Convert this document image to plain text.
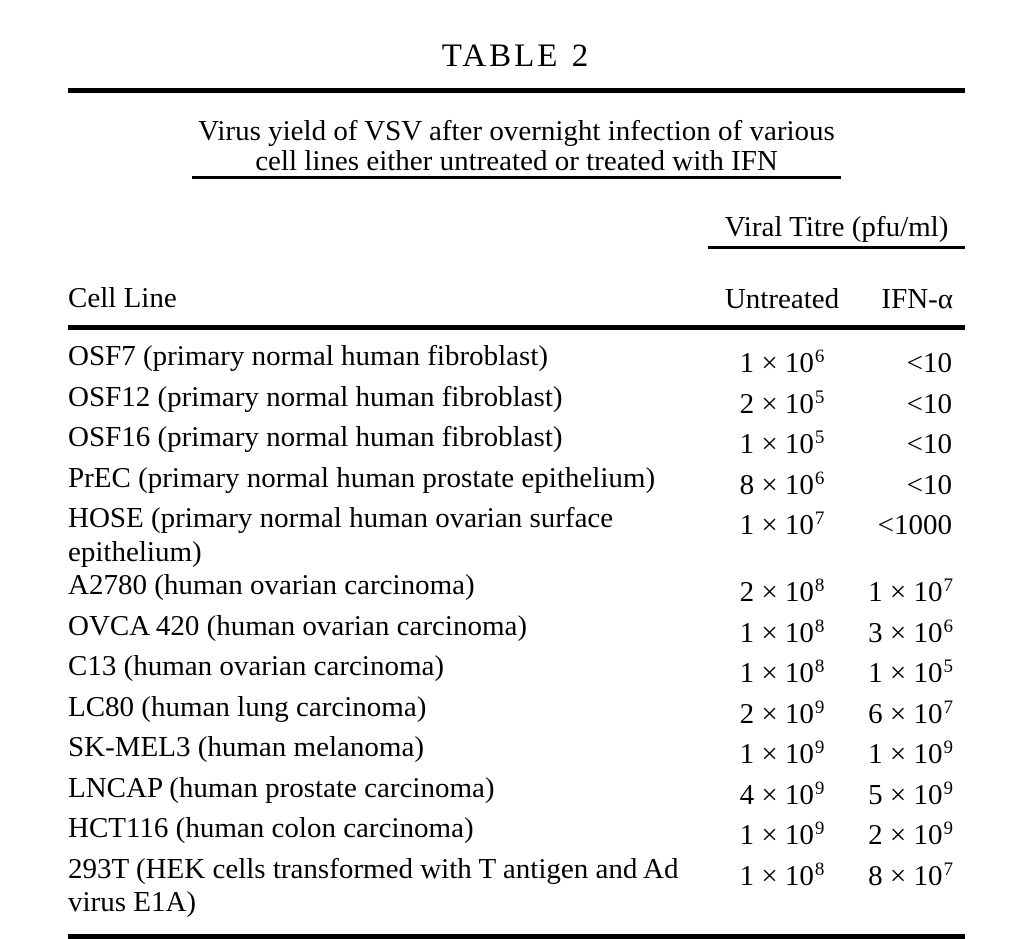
TABLE 2
Virus yield of VSV after overnight infection of various
cell lines either untreated or treated with IFN
	Viral Titre (pfu/ml)	
Cell Line	Untreated	IFN-α
OSF7 (primary normal human fibroblast)	$1 \times 10^6$	<10
OSF12 (primary normal human fibroblast)	$2 \times 10^5$	<10
OSF16 (primary normal human fibroblast)	$1 \times 10^5$	<10
PrEC (primary normal human prostate epithelium)	$8 \times 10^6$	<10
HOSE (primary normal human ovarian surface epithelium)	$1 \times 10^7$	<1000
A2780 (human ovarian carcinoma)	$2 \times 10^8$	$1 \times 10^7$
OVCA 420 (human ovarian carcinoma)	$1 \times 10^8$	$3 \times 10^6$
C13 (human ovarian carcinoma)	$1 \times 10^8$	$1 \times 10^5$
LC80 (human lung carcinoma)	$2 \times 10^9$	$6 \times 10^7$
SK-MEL3 (human melanoma)	$1 \times 10^9$	$1 \times 10^9$
LNCAP (human prostate carcinoma)	$4 \times 10^9$	$5 \times 10^9$
HCT116 (human colon carcinoma)	$1 \times 10^9$	$2 \times 10^9$
293T (HEK cells transformed with T antigen and Ad virus E1A)	$1 \times 10^8$	$8 \times 10^7$
